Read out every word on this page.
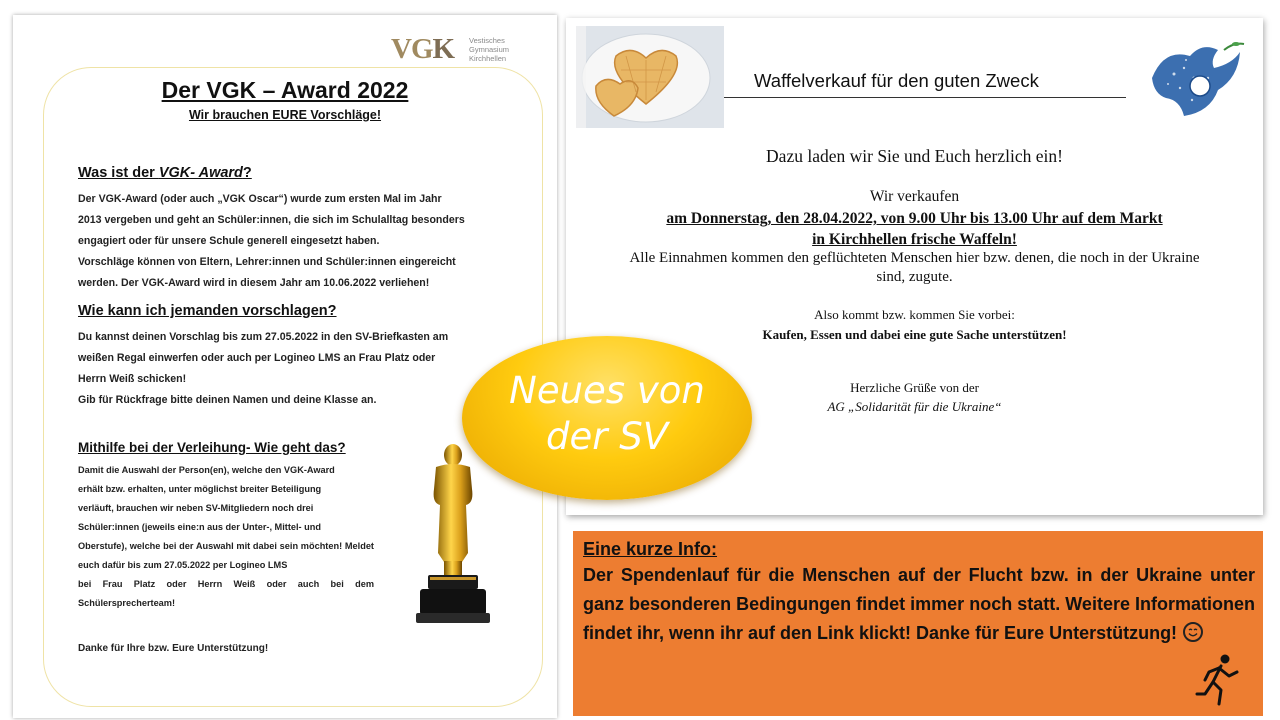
VGK Vestisches
Gymnasium
Kirchhellen
Der VGK – Award 2022
Wir brauchen EURE Vorschläge!
Was ist der VGK- Award?
Der VGK-Award (oder auch „VGK Oscar“) wurde zum ersten Mal im Jahr
2013 vergeben und geht an Schüler:innen, die sich im Schulalltag besonders
engagiert oder für unsere Schule generell eingesetzt haben.
Vorschläge können von Eltern, Lehrer:innen und Schüler:innen eingereicht
werden. Der VGK-Award wird in diesem Jahr am 10.06.2022 verliehen!
Wie kann ich jemanden vorschlagen?
Du kannst deinen Vorschlag bis zum 27.05.2022 in den SV-Briefkasten am
weißen Regal einwerfen oder auch per Logineo LMS an Frau Platz oder
Herrn Weiß schicken!
Gib für Rückfrage bitte deinen Namen und deine Klasse an.
Mithilfe bei der Verleihung- Wie geht das?
Damit die Auswahl der Person(en), welche den VGK-Award
erhält bzw. erhalten, unter möglichst breiter Beteiligung
verläuft, brauchen wir neben SV-Mitgliedern noch drei
Schüler:innen (jeweils eine:n aus der Unter-, Mittel- und
Oberstufe), welche bei der Auswahl mit dabei sein möchten! Meldet euch dafür bis zum 27.05.2022 per Logineo LMS
bei Frau Platz oder Herrn Weiß oder auch bei dem Schülersprecherteam!
Danke für Ihre bzw. Eure Unterstützung!
Waffelverkauf für den guten Zweck
Dazu laden wir Sie und Euch herzlich ein!
Wir verkaufen
am Donnerstag, den 28.04.2022, von 9.00 Uhr bis 13.00 Uhr auf dem Markt
in Kirchhellen frische Waffeln!
Alle Einnahmen kommen den geflüchteten Menschen hier bzw. denen, die noch in der Ukraine sind, zugute.
Also kommt bzw. kommen Sie vorbei:
Kaufen, Essen und dabei eine gute Sache unterstützen!
Herzliche Grüße von der
AG „Solidarität für die Ukraine“
Neues von
der SV
Eine kurze Info:
Der Spendenlauf für die Menschen auf der Flucht bzw. in der Ukraine unter ganz besonderen Bedingungen findet immer noch statt. Weitere Informationen findet ihr, wenn ihr auf den Link klickt! Danke für Eure Unterstützung!
